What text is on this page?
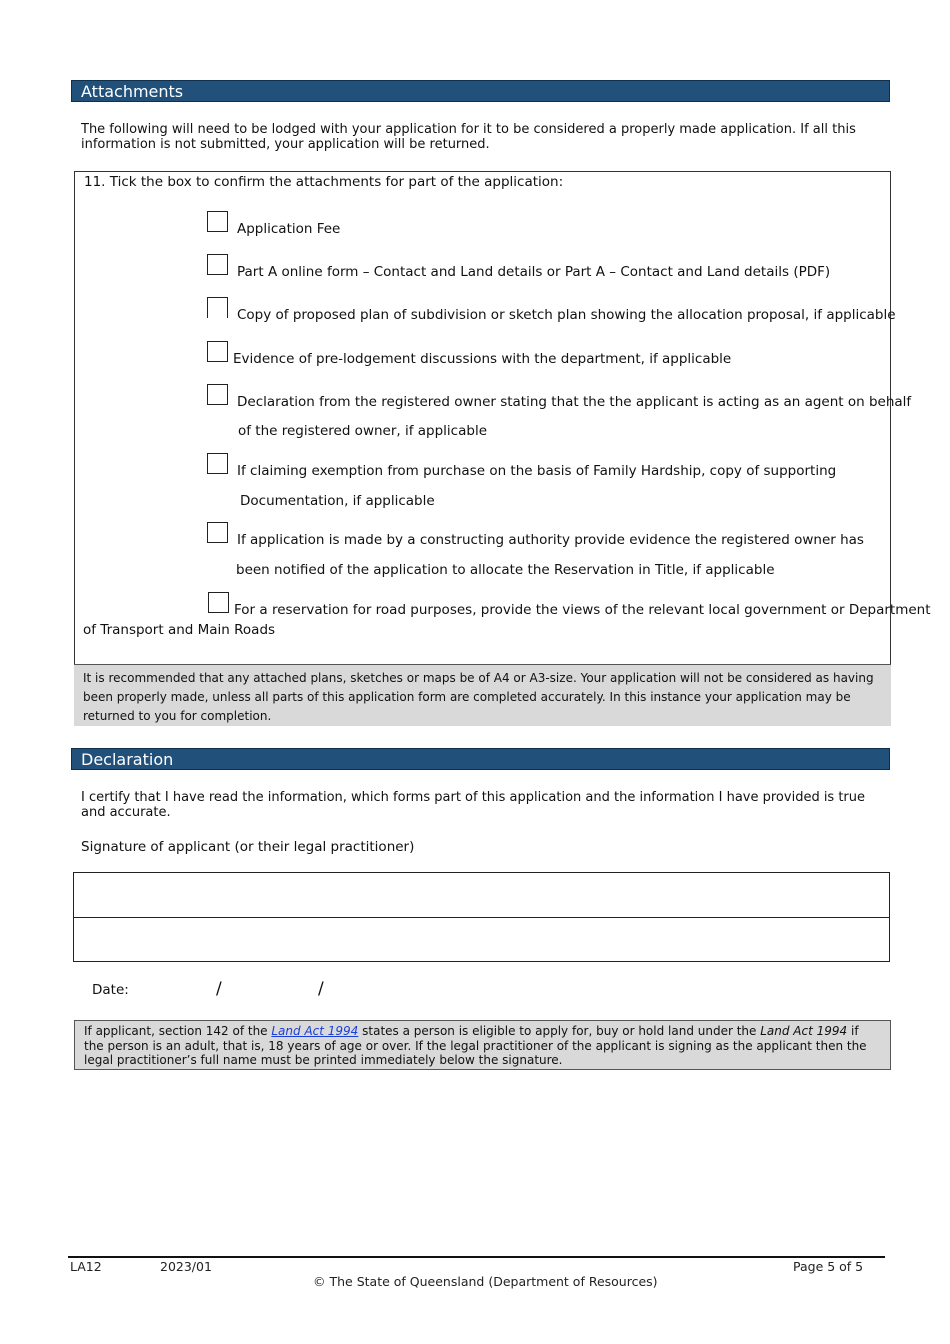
Attachments
The following will need to be lodged with your application for it to be considered a properly made application. If all this information is not submitted, your application will be returned.
11. Tick the box to confirm the attachments for part of the application:
Application Fee
Part A online form – Contact and Land details or Part A – Contact and Land details (PDF)
Copy of proposed plan of subdivision or sketch plan showing the allocation proposal, if applicable
Evidence of pre-lodgement discussions with the department, if applicable
Declaration from the registered owner stating that the the applicant is acting as an agent on behalf
of the registered owner, if applicable
If claiming exemption from purchase on the basis of Family Hardship, copy of supporting
Documentation, if applicable
If application is made by a constructing authority provide evidence the registered owner has
been notified of the application to allocate the Reservation in Title, if applicable
For a reservation for road purposes, provide the views of the relevant local government or Department
of Transport and Main Roads
It is recommended that any attached plans, sketches or maps be of A4 or A3-size. Your application will not be considered as having been properly made, unless all parts of this application form are completed accurately. In this instance your application may be returned to you for completion.
Declaration
I certify that I have read the information, which forms part of this application and the information I have provided is true and accurate.
Signature of applicant (or their legal practitioner)
Date:	/	/
If applicant, section 142 of the Land Act 1994 states a person is eligible to apply for, buy or hold land under the Land Act 1994 if the person is an adult, that is, 18 years of age or over. If the legal practitioner of the applicant is signing as the applicant then the legal practitioner’s full name must be printed immediately below the signature.
LA12	2023/01
© The State of Queensland (Department of Resources)
Page 5 of 5
